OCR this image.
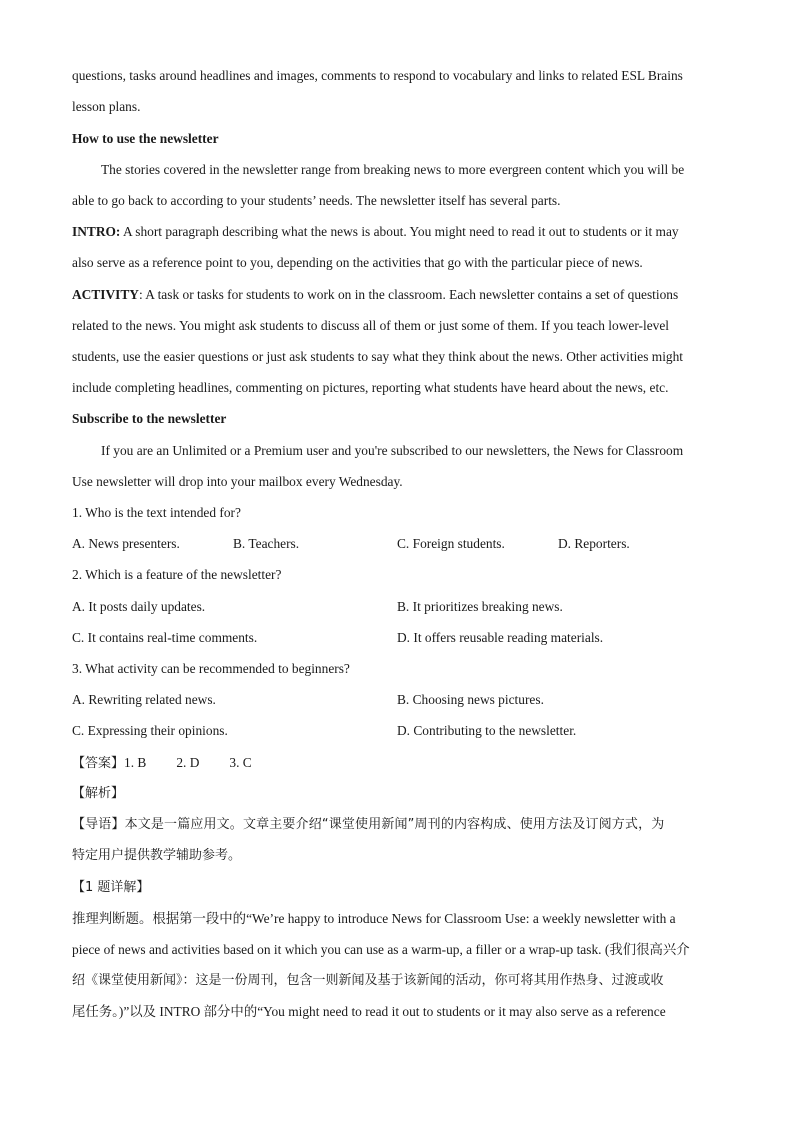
questions, tasks around headlines and images, comments to respond to vocabulary and links to related ESL Brains
lesson plans.
How to use the newsletter
The stories covered in the newsletter range from breaking news to more evergreen content which you will be
able to go back to according to your students’ needs. The newsletter itself has several parts.
INTRO: A short paragraph describing what the news is about. You might need to read it out to students or it may
also serve as a reference point to you, depending on the activities that go with the particular piece of news.
ACTIVITY: A task or tasks for students to work on in the classroom. Each newsletter contains a set of questions
related to the news. You might ask students to discuss all of them or just some of them. If you teach lower-level
students, use the easier questions or just ask students to say what they think about the news. Other activities might
include completing headlines, commenting on pictures, reporting what students have heard about the news, etc.
Subscribe to the newsletter
If you are an Unlimited or a Premium user and you're subscribed to our newsletters, the News for Classroom
Use newsletter will drop into your mailbox every Wednesday.
1. Who is the text intended for?
A. News presenters.	B. Teachers.	C. Foreign students.	D. Reporters.
2. Which is a feature of the newsletter?
A. It posts daily updates.	B. It prioritizes breaking news.
C. It contains real-time comments.	D. It offers reusable reading materials.
3. What activity can be recommended to beginners?
A. Rewriting related news.	B. Choosing news pictures.
C. Expressing their opinions.	D. Contributing to the newsletter.
【答案】1. B 2. D 3. C
【解析】
【导语】本文是一篇应用文。文章主要介绍“课堂使用新闻”周刊的内容构成、使用方法及订阅方式，为
特定用户提供教学辅助参考。
【1 题详解】
推理判断题。根据第一段中的“We’re happy to introduce News for Classroom Use: a weekly newsletter with a
piece of news and activities based on it which you can use as a warm-up, a filler or a wrap-up task. (我们很高兴介
绍《课堂使用新闻》：这是一份周刊，包含一则新闻及基于该新闻的活动，你可将其用作热身、过渡或收
尾任务。)”以及 INTRO 部分中的“You might need to read it out to students or it may also serve as a reference
